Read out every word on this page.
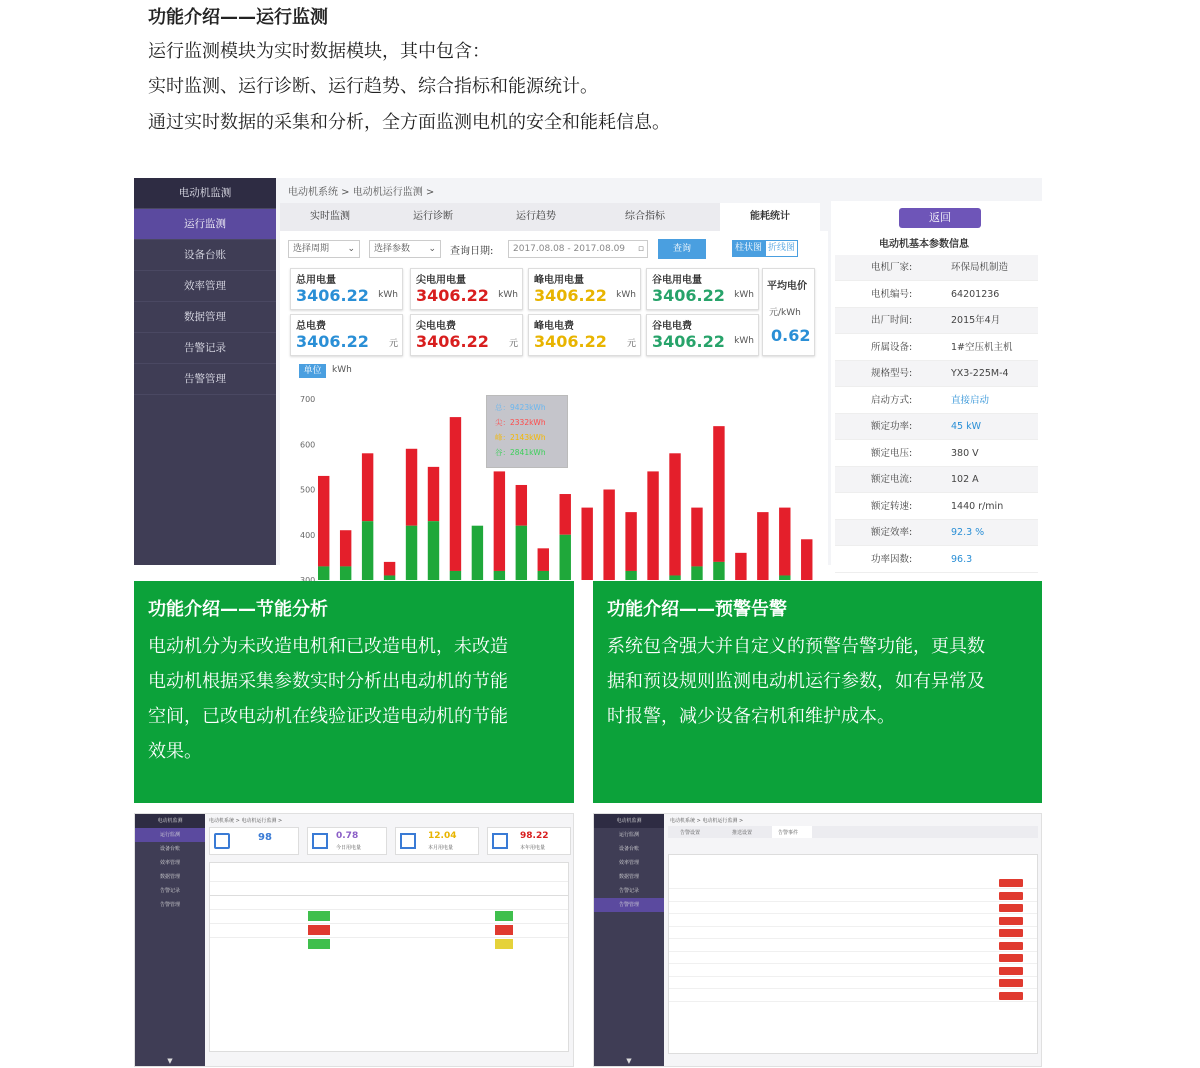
功能介绍——运行监测
运行监测模块为实时数据模块，其中包含：
实时监测、运行诊断、运行趋势、综合指标和能源统计。
通过实时数据的采集和分析，全方面监测电机的安全和能耗信息。
电动机监测
运行监测
设备台账
效率管理
数据管理
告警记录
告警管理
电动机系统 > 电动机运行监测 >
实时监测	运行诊断	运行趋势	综合指标	能耗统计
选择周期 ⌄	选择参数 ⌄ 查询日期:	2017.08.08 - 2017.08.09 ▫	查询	柱状图 折线图
总用电量
3406.22 kWh
尖电用电量
3406.22 kWh
峰电用电量
3406.22 kWh
谷电用电量
3406.22 kWh
总电费
3406.22 元
尖电电费
3406.22 元
峰电电费
3406.22 元
谷电电费
3406.22 kWh
平均电价
元/kWh
0.62
单位	kWh
700
600
500
400
总：9423kWh
尖：2332kWh
峰：2143kWh
谷：2841kWh
返回
电动机基本参数信息
电机厂家:	环保局机制造
电机编号:	64201236
出厂时间:	2015年4月
所属设备:	1#空压机主机
规格型号:	YX3-225M-4
启动方式:	直接启动
额定功率:	45 kW
额定电压:	380 V
额定电流:	102 A
额定转速:	1440 r/min
额定效率:	92.3 %
功率因数:	96.3
功能介绍——节能分析

电动机分为未改造电机和已改造电机，未改造
电动机根据采集参数实时分析出电动机的节能
空间，已改电动机在线验证改造电动机的节能
效果。

功能介绍——预警告警

系统包含强大并自定义的预警告警功能，更具数
据和预设规则监测电动机运行参数，如有异常及
时报警，减少设备宕机和维护成本。

电动机监测
运行监测
设备台账
效率管理
数据管理
告警记录
告警管理
▼
电动机系统 > 电动机运行监测 >
98	0.78
今日用电量
12.04
本月用电量
98.22
本年用电量
电动机监测
运行监测
设备台账
效率管理
数据管理
告警记录
告警管理
▼
电动机系统 > 电动机运行监测 >
告警设置	推送设置	告警事件
